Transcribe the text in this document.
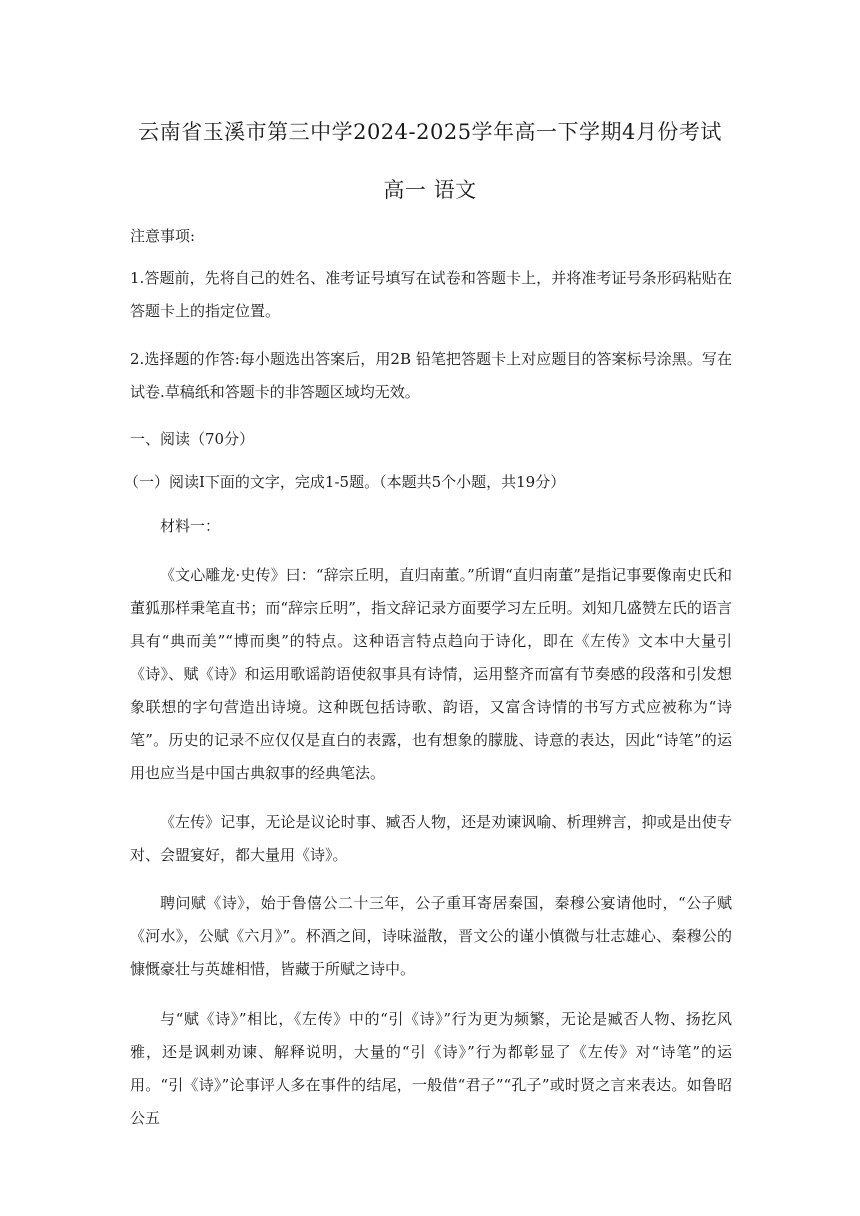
云南省玉溪市第三中学2024-2025学年高一下学期4月份考试
高一 语文
注意事项:
1.答题前，先将自己的姓名、准考证号填写在试卷和答题卡上，并将准考证号条形码粘贴在答题卡上的指定位置。
2.选择题的作答:每小题选出答案后，用2B 铅笔把答题卡上对应题目的答案标号涂黑。写在试卷.草稿纸和答题卡的非答题区域均无效。
一、阅读（70分）
（一）阅读Ⅰ下面的文字，完成1-5题。（本题共5个小题，共19分）
材料一：
《文心雕龙·史传》曰：“辞宗丘明，直归南董。”所谓“直归南董”是指记事要像南史氏和董狐那样秉笔直书；而“辞宗丘明”，指文辞记录方面要学习左丘明。刘知几盛赞左氏的语言具有“典而美”“博而奥”的特点。这种语言特点趋向于诗化，即在《左传》文本中大量引《诗》、赋《诗》和运用歌谣韵语使叙事具有诗情，运用整齐而富有节奏感的段落和引发想象联想的字句营造出诗境。这种既包括诗歌、韵语，又富含诗情的书写方式应被称为“诗笔”。历史的记录不应仅仅是直白的表露，也有想象的朦胧、诗意的表达，因此“诗笔”的运用也应当是中国古典叙事的经典笔法。
《左传》记事，无论是议论时事、臧否人物，还是劝谏讽喻、析理辨言，抑或是出使专对、会盟宴好，都大量用《诗》。
聘问赋《诗》，始于鲁僖公二十三年，公子重耳寄居秦国，秦穆公宴请他时，“公子赋《河水》，公赋《六月》”。杯酒之间，诗味溢散，晋文公的谨小慎微与壮志雄心、秦穆公的慷慨豪壮与英雄相惜，皆藏于所赋之诗中。
与“赋《诗》”相比，《左传》中的“引《诗》”行为更为频繁，无论是臧否人物、扬扢风雅，还是讽刺劝谏、解释说明，大量的“引《诗》”行为都彰显了《左传》对“诗笔”的运用。“引《诗》”论事评人多在事件的结尾，一般借“君子”“孔子”或时贤之言来表达。如鲁昭公五
